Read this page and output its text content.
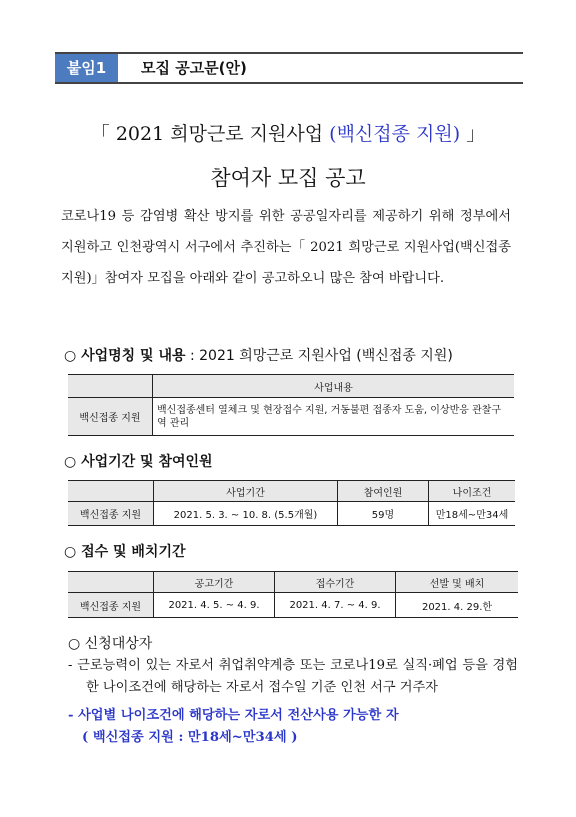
붙임1	모집 공고문(안)
「 2021 희망근로 지원사업 (백신접종 지원) 」
참여자 모집 공고
코로나19 등 감염병 확산 방지를 위한 공공일자리를 제공하기 위해 정부에서 지원하고 인천광역시 서구에서 추진하는「 2021 희망근로 지원사업(백신접종 지원)」참여자 모집을 아래와 같이 공고하오니 많은 참여 바랍니다.
○ 사업명칭 및 내용 : 2021 희망근로 지원사업 (백신접종 지원)
	사업내용
백신접종 지원	백신접종센터 열체크 및 현장접수 지원, 거동불편 접종자 도움, 이상반응 관찰구역 관리
○ 사업기간 및 참여인원
	사업기간	참여인원	나이조건
백신접종 지원	2021. 5. 3. ~ 10. 8. (5.5개월)	59명	만18세~만34세
○ 접수 및 배치기간
	공고기간	접수기간	선발 및 배치
백신접종 지원	2021. 4. 5. ~ 4. 9.	2021. 4. 7. ~ 4. 9.	2021. 4. 29.한
○ 신청대상자

- 근로능력이 있는 자로서 취업취약계층 또는 코로나19로 실직·폐업 등을 경험한 나이조건에 해당하는 자로서 접수일 기준 인천 서구 거주자

- 사업별 나이조건에 해당하는 자로서 전산사용 가능한 자

( 백신접종 지원 : 만18세~만34세 )
